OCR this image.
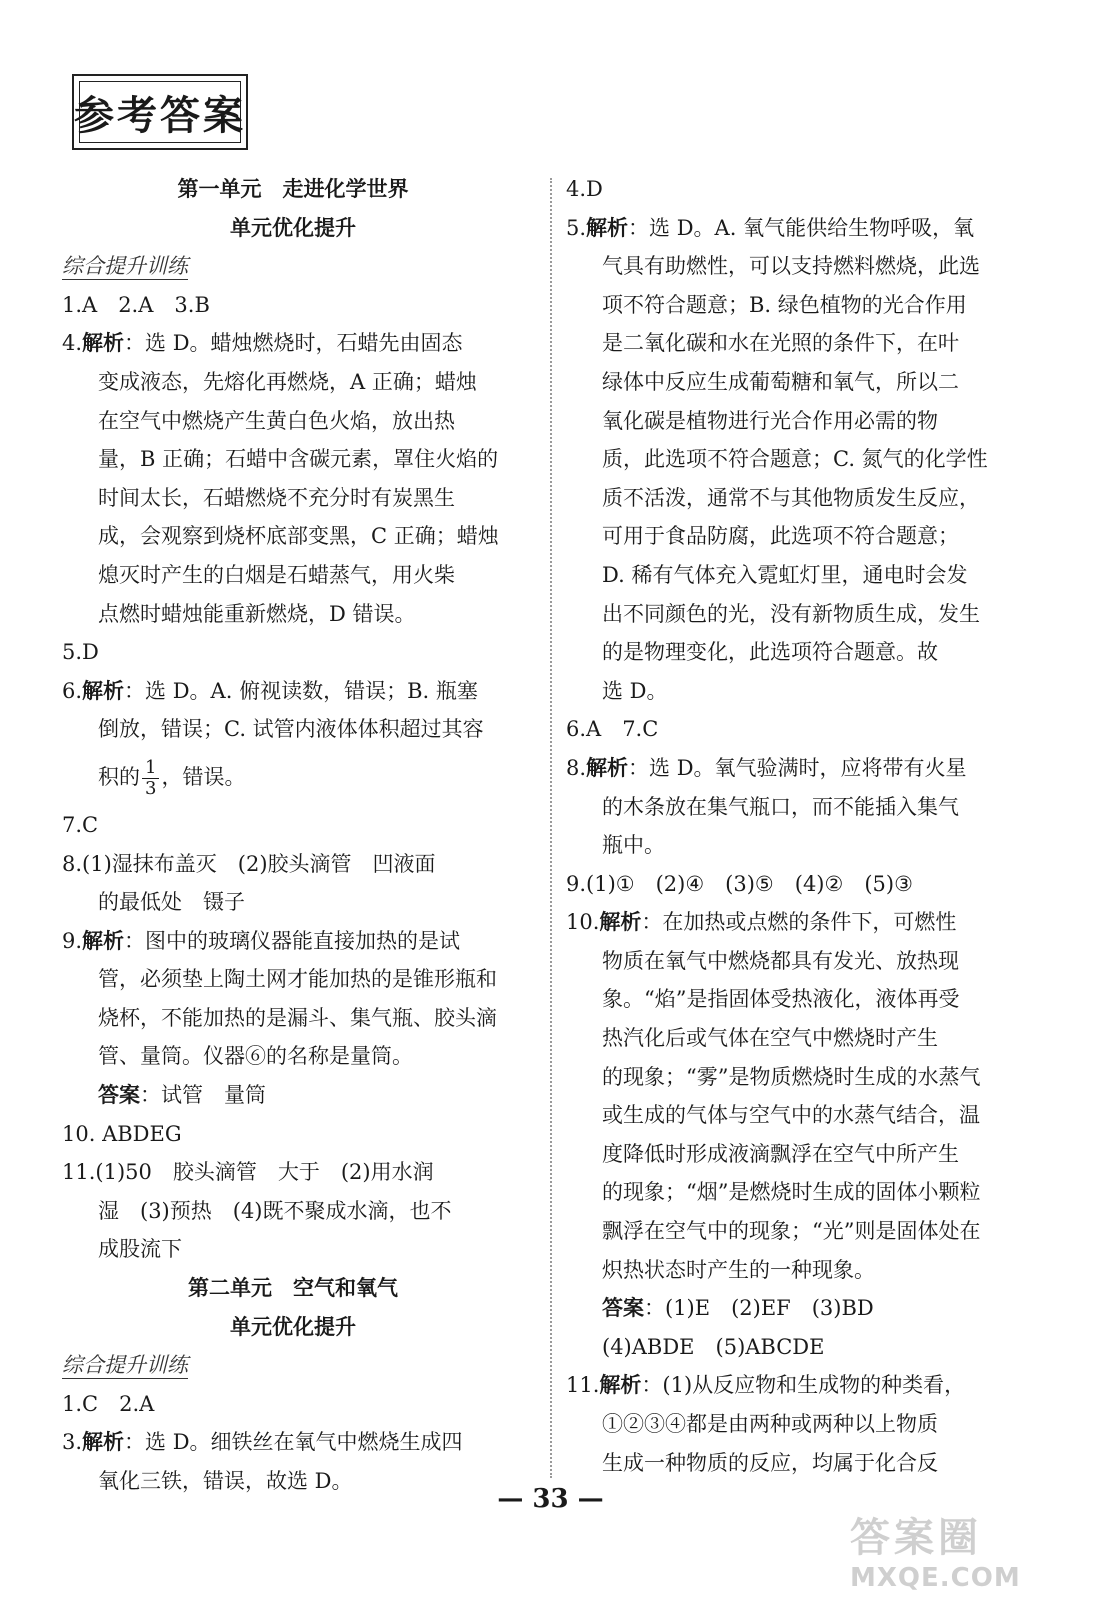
参考答案
第一单元　走进化学世界
单元优化提升
综合提升训练
1.A　2.A　3.B
4.解析：选 D。蜡烛燃烧时，石蜡先由固态
变成液态，先熔化再燃烧，A 正确；蜡烛
在空气中燃烧产生黄白色火焰，放出热
量，B 正确；石蜡中含碳元素，罩住火焰的
时间太长，石蜡燃烧不充分时有炭黑生
成，会观察到烧杯底部变黑，C 正确；蜡烛
熄灭时产生的白烟是石蜡蒸气，用火柴
点燃时蜡烛能重新燃烧，D 错误。
5.D
6.解析：选 D。A. 俯视读数，错误；B. 瓶塞
倒放，错误；C. 试管内液体体积超过其容
积的 $\frac{1}{3}$ ，错误。
7.C
8.(1)湿抹布盖灭　(2)胶头滴管　凹液面
的最低处　镊子
9.解析：图中的玻璃仪器能直接加热的是试
管，必须垫上陶土网才能加热的是锥形瓶和
烧杯，不能加热的是漏斗、集气瓶、胶头滴
管、量筒。仪器⑥的名称是量筒。
答案：试管　量筒
10. ABDEG
11.(1)50　胶头滴管　大于　(2)用水润
湿　(3)预热　(4)既不聚成水滴，也不
成股流下
第二单元　空气和氧气
单元优化提升
综合提升训练
1.C　2.A
3.解析：选 D。细铁丝在氧气中燃烧生成四
氧化三铁，错误，故选 D。
4.D
5.解析：选 D。A. 氧气能供给生物呼吸，氧
气具有助燃性，可以支持燃料燃烧，此选
项不符合题意；B. 绿色植物的光合作用
是二氧化碳和水在光照的条件下，在叶
绿体中反应生成葡萄糖和氧气，所以二
氧化碳是植物进行光合作用必需的物
质，此选项不符合题意；C. 氮气的化学性
质不活泼，通常不与其他物质发生反应，
可用于食品防腐，此选项不符合题意；
D. 稀有气体充入霓虹灯里，通电时会发
出不同颜色的光，没有新物质生成，发生
的是物理变化，此选项符合题意。故
选 D。
6.A　7.C
8.解析：选 D。氧气验满时，应将带有火星
的木条放在集气瓶口，而不能插入集气
瓶中。
9.(1)①　(2)④　(3)⑤　(4)②　(5)③
10.解析：在加热或点燃的条件下，可燃性
物质在氧气中燃烧都具有发光、放热现
象。“焰”是指固体受热液化，液体再受
热汽化后或气体在空气中燃烧时产生
的现象；“雾”是物质燃烧时生成的水蒸气
或生成的气体与空气中的水蒸气结合，温
度降低时形成液滴飘浮在空气中所产生
的现象；“烟”是燃烧时生成的固体小颗粒
飘浮在空气中的现象；“光”则是固体处在
炽热状态时产生的一种现象。
答案：(1)E　(2)EF　(3)BD
(4)ABDE　(5)ABCDE
11.解析：(1)从反应物和生成物的种类看，
①②③④都是由两种或两种以上物质
生成一种物质的反应，均属于化合反
— 33 —
答案圈
MXQE.COM
